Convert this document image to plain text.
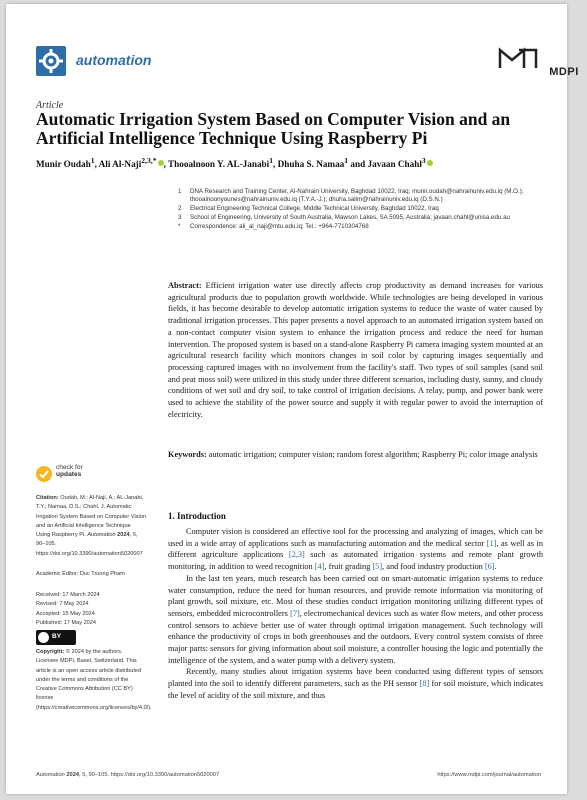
automation
MDPI
Article
Automatic Irrigation System Based on Computer Vision and an Artificial Intelligence Technique Using Raspberry Pi
Munir Oudah$^1$, Ali Al-Naji$^{2,3,*}$ , Thooalnoon Y. AL-Janabi$^1$, Dhuha S. Namaa$^1$ and Javaan Chahl$^3$
1	DNA Research and Training Center, Al-Nahrain University, Baghdad 10022, Iraq; munir.oudah@nahrainuniv.edu.iq (M.O.); thooalnoonyounes@nahrainuniv.edu.iq (T.Y.A.-J.); dhuha.salim@nahrainuniv.edu.iq (D.S.N.)
2	Electrical Engineering Technical College, Middle Technical University, Baghdad 10022, Iraq
3	School of Engineering, University of South Australia, Mawson Lakes, SA 5095, Australia; javaan.chahl@unisa.edu.au
*	Correspondence: ali_al_naji@mtu.edu.iq; Tel.: +964-7710304768
Abstract: Efficient irrigation water use directly affects crop productivity as demand increases for various agricultural products due to population growth worldwide. While technologies are being developed in various fields, it has become desirable to develop automatic irrigation systems to reduce the waste of water caused by traditional irrigation processes. This paper presents a novel approach to an automated irrigation system based on a non-contact computer vision system to enhance the irrigation process and reduce the need for human intervention. The proposed system is based on a stand-alone Raspberry Pi camera imaging system mounted at an agricultural research facility which monitors changes in soil color by capturing images sequentially and processing captured images with no involvement from the facility's staff. Two types of soil samples (sand soil and peat moss soil) were utilized in this study under three different scenarios, including dusty, sunny, and cloudy conditions of wet soil and dry soil, to take control of irrigation decisions. A relay, pump, and power bank were used to achieve the stability of the power source and supply it with regular power to avoid the interruption of electricity.
Keywords: automatic irrigation; computer vision; random forest algorithm; Raspberry Pi; color image analysis
check for
updates
Citation: Oudah, M.; Al-Naji, A.; AL-Janabi, T.Y.; Namaa, D.S.; Chahl, J. Automatic Irrigation System Based on Computer Vision and an Artificial Intelligence Technique Using Raspberry Pi. Automation 2024, 5, 90–105. https://doi.org/10.3390/automation5020007
Academic Editor: Duc Truong Pham
Received: 17 March 2024
Revised: 7 May 2024
Accepted: 15 May 2024
Published: 17 May 2024
BY
Copyright: © 2024 by the authors. Licensee MDPI, Basel, Switzerland. This article is an open access article distributed under the terms and conditions of the Creative Commons Attribution (CC BY) license (https://creativecommons.org/licenses/by/4.0/).
1. Introduction

Computer vision is considered an effective tool for the processing and analyzing of images, which can be used in a wide array of applications such as manufacturing automation and the medical sector [1], as well as in different agriculture applications [2,3] such as automated irrigation systems and remote plant growth monitoring, in addition to weed recognition [4], fruit grading [5], and food industry production [6].

In the last ten years, much research has been carried out on smart-automatic irrigation systems to reduce water consumption, reduce the need for human resources, and provide remote information via monitoring of plant growth, soil mixture, etc. Most of these studies conduct irrigation monitoring utilizing different types of sensors, embedded microcontrollers [7], electromechanical devices such as water flow meters, and other process control sensors to achieve better use of water through optimal irrigation management. Such technology will enhance the productivity of crops in both greenhouses and the outdoors. Every control system consists of three major parts: sensors for giving information about soil moisture, a controller housing the logic and potentially the intelligence of the system, and a water pump with a delivery system.

Recently, many studies about irrigation systems have been conducted using different types of sensors planted into the soil to identify different parameters, such as the PH sensor [8] for soil moisture, which indicates the level of acidity of the soil mixture, and thus

Automation 2024, 5, 90–105. https://doi.org/10.3390/automation5020007	https://www.mdpi.com/journal/automation
